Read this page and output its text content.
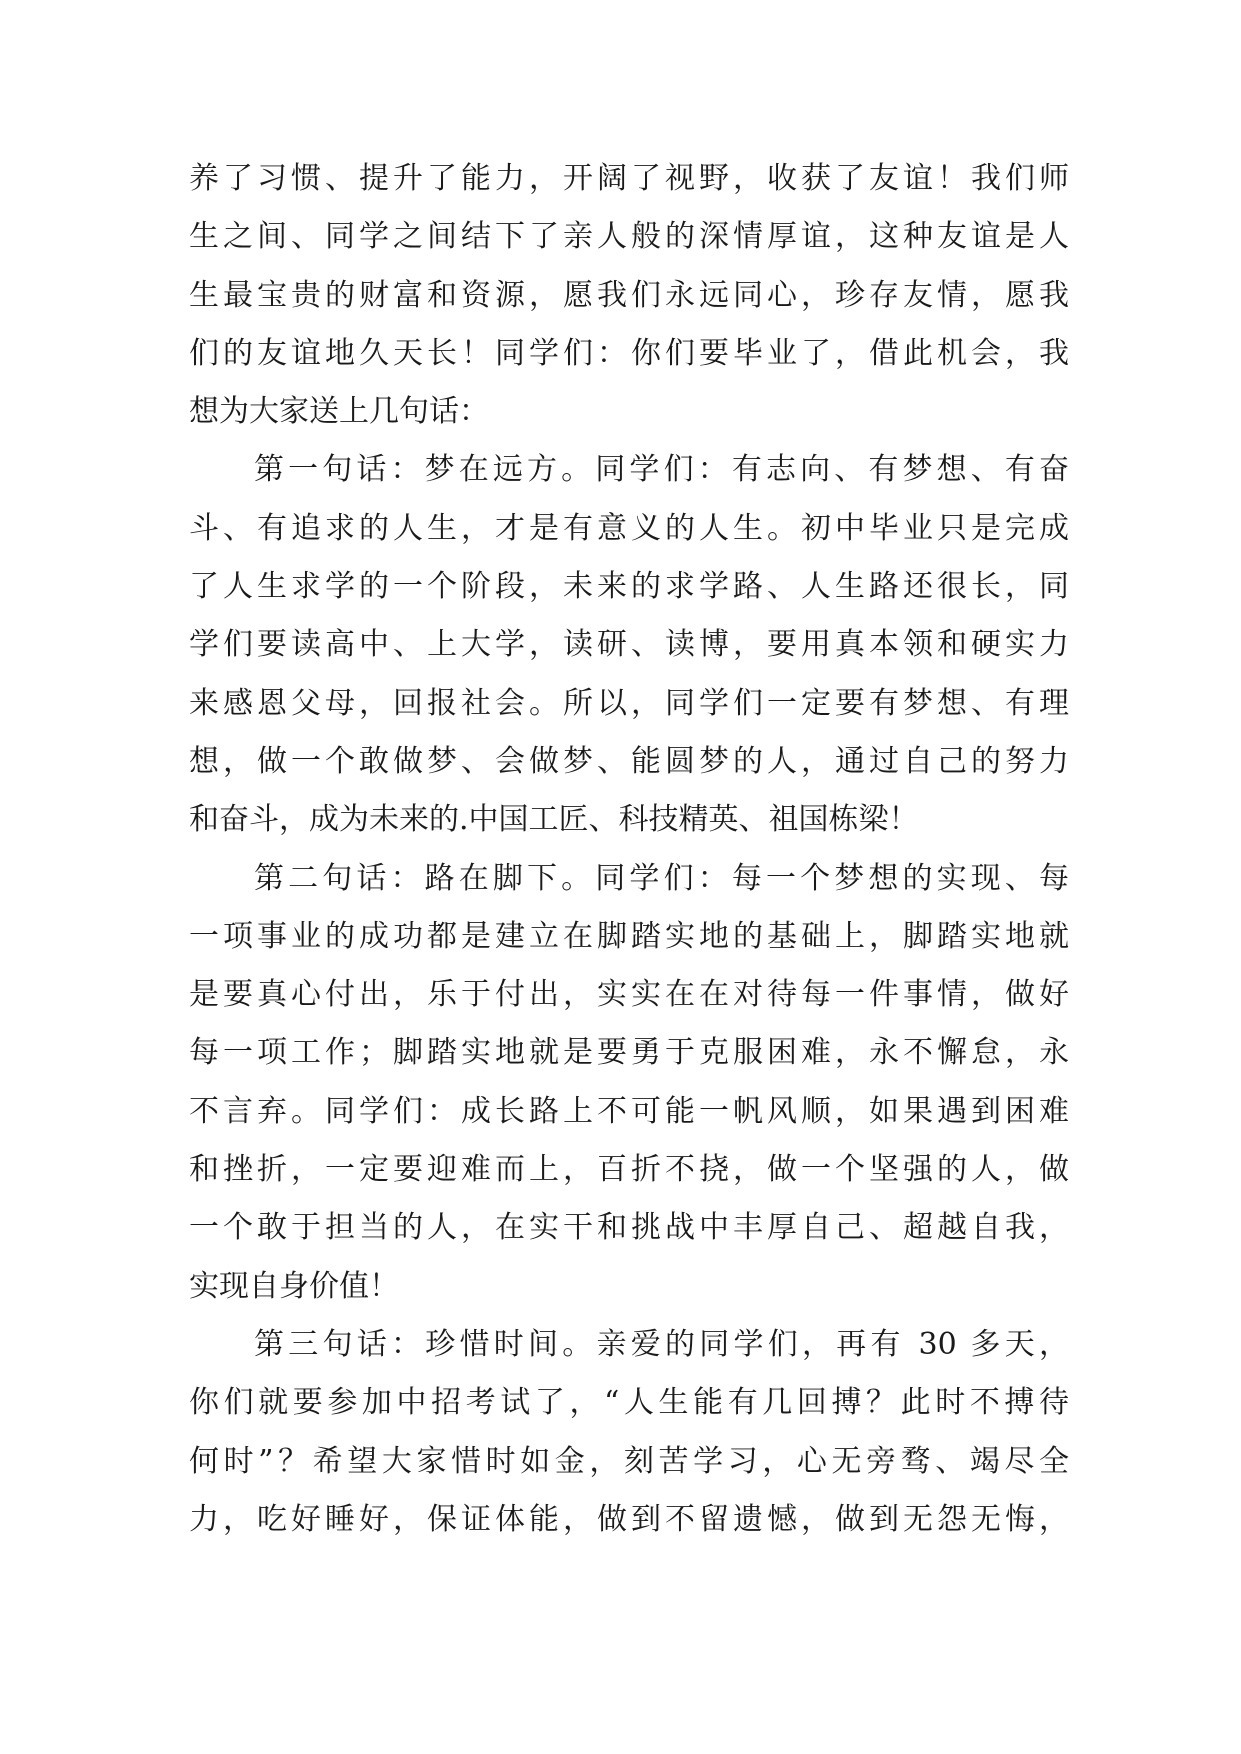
养了习惯、提升了能力，开阔了视野，收获了友谊！我们师
生之间、同学之间结下了亲人般的深情厚谊，这种友谊是人
生最宝贵的财富和资源，愿我们永远同心，珍存友情，愿我
们的友谊地久天长！同学们：你们要毕业了，借此机会，我
想为大家送上几句话：
第一句话：梦在远方。同学们：有志向、有梦想、有奋
斗、有追求的人生，才是有意义的人生。初中毕业只是完成
了人生求学的一个阶段，未来的求学路、人生路还很长，同
学们要读高中、上大学，读研、读博，要用真本领和硬实力
来感恩父母，回报社会。所以，同学们一定要有梦想、有理
想，做一个敢做梦、会做梦、能圆梦的人，通过自己的努力
和奋斗，成为未来的.中国工匠、科技精英、祖国栋梁！
第二句话：路在脚下。同学们：每一个梦想的实现、每
一项事业的成功都是建立在脚踏实地的基础上，脚踏实地就
是要真心付出，乐于付出，实实在在对待每一件事情，做好
每一项工作；脚踏实地就是要勇于克服困难，永不懈怠，永
不言弃。同学们：成长路上不可能一帆风顺，如果遇到困难
和挫折，一定要迎难而上，百折不挠，做一个坚强的人，做
一个敢于担当的人，在实干和挑战中丰厚自己、超越自我，
实现自身价值！
第三句话：珍惜时间。亲爱的同学们，再有 30 多天，
你们就要参加中招考试了，“人生能有几回搏？此时不搏待
何时”？希望大家惜时如金，刻苦学习，心无旁骛、竭尽全
力，吃好睡好，保证体能，做到不留遗憾，做到无怨无悔，
